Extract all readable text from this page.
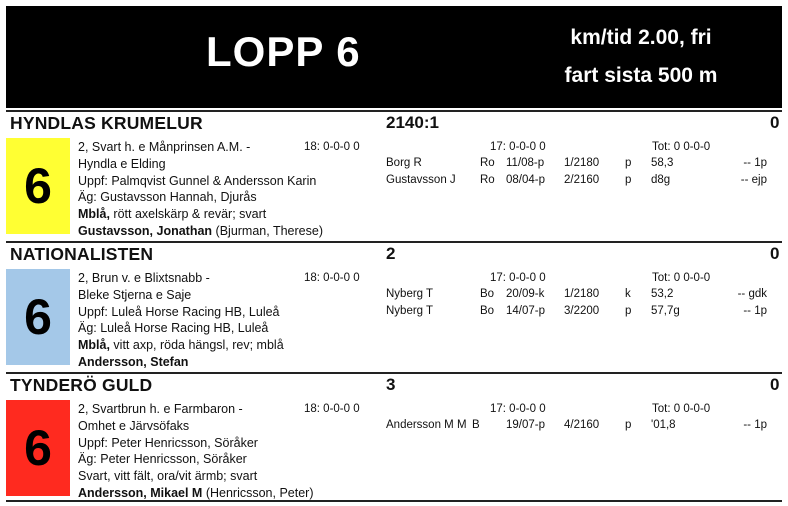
LOPP 6	km/tid 2.00, fri
fart sista 500 m
HYNDLAS KRUMELUR	2140:1	0
6
2, Svart h. e Månprinsen A.M. -
Hyndla e Elding
Uppf: Palmqvist Gunnel & Andersson Karin
Äg: Gustavsson Hannah, Djurås
Mblå, rött axelskärp & revär; svart
Gustavsson, Jonathan (Bjurman, Therese)
18: 0-0-0 0	17: 0-0-0 0	Tot: 0 0-0-0
Borg R	Ro 11/08-p 1/2180 p 58,3	-- 1p
Gustavsson J Ro 08/04-p 2/2160 p d8g	-- ejp
NATIONALISTEN	2	0
6
2, Brun v. e Blixtsnabb -
Bleke Stjerna e Saje
Uppf: Luleå Horse Racing HB, Luleå
Äg: Luleå Horse Racing HB, Luleå
Mblå, vitt axp, röda hängsl, rev; mblå
Andersson, Stefan
18: 0-0-0 0	17: 0-0-0 0	Tot: 0 0-0-0
Nyberg T	Bo 20/09-k 1/2180 k 53,2	-- gdk
Nyberg T	Bo 14/07-p 3/2200 p 57,7g	-- 1p
TYNDERÖ GULD	3	0
6
2, Svartbrun h. e Farmbaron -
Omhet e Järvsöfaks
Uppf: Peter Henricsson, Söråker
Äg: Peter Henricsson, Söråker
Svart, vitt fält, ora/vit ärmb; svart
Andersson, Mikael M (Henricsson, Peter)
18: 0-0-0 0	17: 0-0-0 0	Tot: 0 0-0-0
Andersson M M B 19/07-p 4/2160 p '01,8	-- 1p
